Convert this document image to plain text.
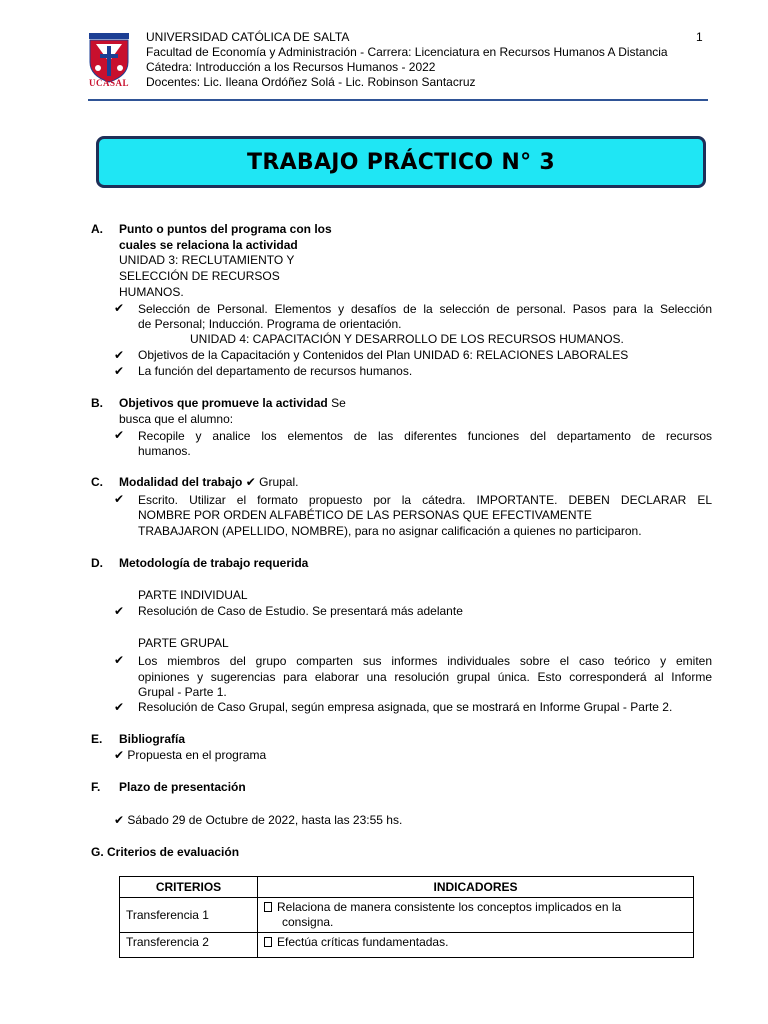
UCASAL
UNIVERSIDAD CATÓLICA DE SALTA
Facultad de Economía y Administración - Carrera: Licenciatura en Recursos Humanos A Distancia
Cátedra: Introducción a los Recursos Humanos - 2022
Docentes: Lic. Ileana Ordóñez Solá - Lic. Robinson Santacruz
1
TRABAJO PRÁCTICO N° 3
A. Punto o puntos del programa con los
cuales se relaciona la actividad
UNIDAD 3: RECLUTAMIENTO Y
SELECCIÓN DE RECURSOS
HUMANOS.
✔ Selección de Personal. Elementos y desafíos de la selección de personal. Pasos para la Selección
de Personal; Inducción. Programa de orientación.
UNIDAD 4: CAPACITACIÓN Y DESARROLLO DE LOS RECURSOS HUMANOS.
✔ Objetivos de la Capacitación y Contenidos del Plan UNIDAD 6: RELACIONES LABORALES
✔ La función del departamento de recursos humanos.
B. Objetivos que promueve la actividad Se
busca que el alumno:
✔ Recopile y analice los elementos de las diferentes funciones del departamento de recursos
humanos.
C. Modalidad del trabajo ✔ Grupal.
✔ Escrito. Utilizar el formato propuesto por la cátedra. IMPORTANTE. DEBEN DECLARAR EL
NOMBRE POR ORDEN ALFABÉTICO DE LAS PERSONAS QUE EFECTIVAMENTE
TRABAJARON (APELLIDO, NOMBRE), para no asignar calificación a quienes no participaron.
D. Metodología de trabajo requerida
PARTE INDIVIDUAL
✔ Resolución de Caso de Estudio. Se presentará más adelante
PARTE GRUPAL
✔ Los miembros del grupo comparten sus informes individuales sobre el caso teórico y emiten
opiniones y sugerencias para elaborar una resolución grupal única. Esto corresponderá al Informe
Grupal - Parte 1.
✔ Resolución de Caso Grupal, según empresa asignada, que se mostrará en Informe Grupal - Parte 2.
E. Bibliografía
✔ Propuesta en el programa
F. Plazo de presentación
✔ Sábado 29 de Octubre de 2022, hasta las 23:55 hs.
G. Criterios de evaluación
CRITERIOS	INDICADORES
Transferencia 1	Relaciona de manera consistente los conceptos implicados en la
consigna.
Transferencia 2	Efectúa críticas fundamentadas.
